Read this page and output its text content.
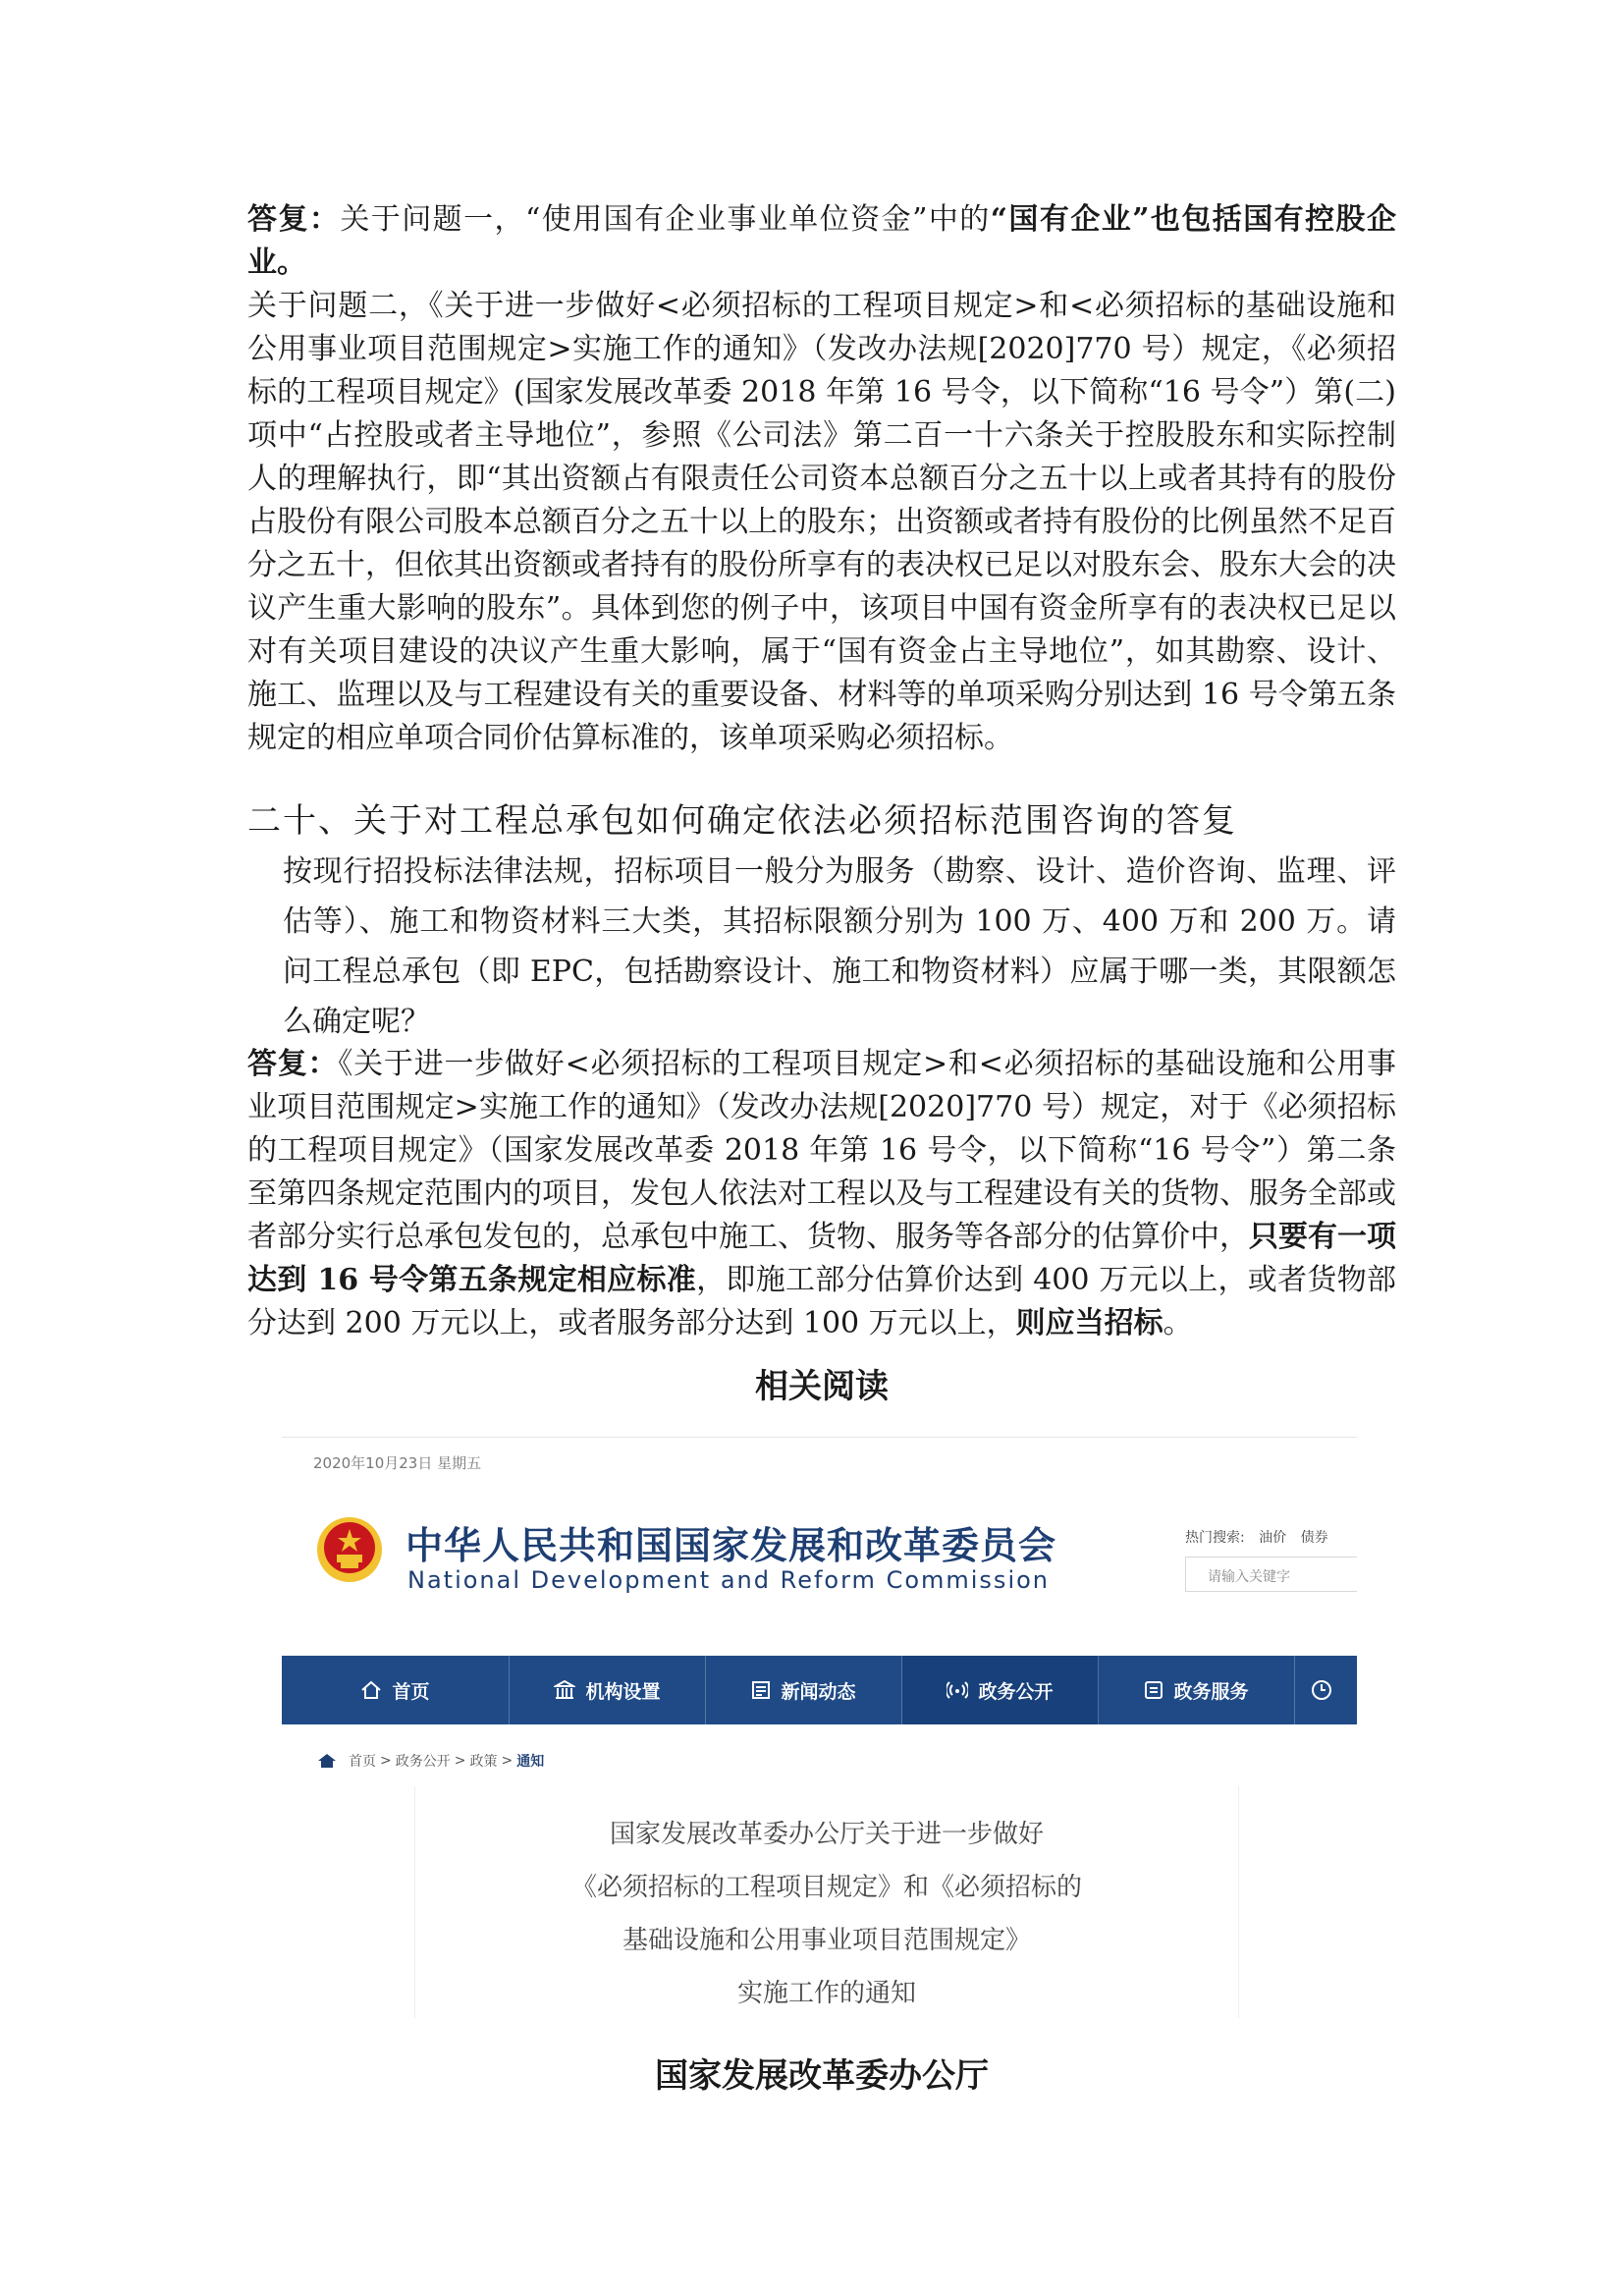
答复：关于问题一，“使用国有企业事业单位资金”中的“国有企业”也包括国有控股企业。

关于问题二，《关于进一步做好<必须招标的工程项目规定>和<必须招标的基础设施和公用事业项目范围规定>实施工作的通知》（发改办法规[2020]770 号）规定，《必须招标的工程项目规定》(国家发展改革委 2018 年第 16 号令，以下简称“16 号令”）第(二)项中“占控股或者主导地位”，参照《公司法》第二百一十六条关于控股股东和实际控制人的理解执行，即“其出资额占有限责任公司资本总额百分之五十以上或者其持有的股份占股份有限公司股本总额百分之五十以上的股东；出资额或者持有股份的比例虽然不足百分之五十，但依其出资额或者持有的股份所享有的表决权已足以对股东会、股东大会的决议产生重大影响的股东”。具体到您的例子中，该项目中国有资金所享有的表决权已足以对有关项目建设的决议产生重大影响，属于“国有资金占主导地位”，如其勘察、设计、施工、监理以及与工程建设有关的重要设备、材料等的单项采购分别达到 16 号令第五条规定的相应单项合同价估算标准的，该单项采购必须招标。

二十、关于对工程总承包如何确定依法必须招标范围咨询的答复

按现行招投标法律法规，招标项目一般分为服务（勘察、设计、造价咨询、监理、评估等）、施工和物资材料三大类，其招标限额分别为 100 万、400 万和 200 万。请问工程总承包（即 EPC，包括勘察设计、施工和物资材料）应属于哪一类，其限额怎么确定呢？

答复：《关于进一步做好<必须招标的工程项目规定>和<必须招标的基础设施和公用事业项目范围规定>实施工作的通知》（发改办法规[2020]770 号）规定，对于《必须招标的工程项目规定》（国家发展改革委 2018 年第 16 号令，以下简称“16 号令”）第二条至第四条规定范围内的项目，发包人依法对工程以及与工程建设有关的货物、服务全部或者部分实行总承包发包的，总承包中施工、货物、服务等各部分的估算价中，只要有一项达到 16 号令第五条规定相应标准，即施工部分估算价达到 400 万元以上，或者货物部分达到 200 万元以上，或者服务部分达到 100 万元以上，则应当招标。

相关阅读
国家发展改革委办公厅
2020年10月23日 星期五
中华人民共和国国家发展和改革委员会
National Development and Reform Commission
热门搜索: 油价 债券
请输入关键字
首页	机构设置	新闻动态	政务公开	政务服务
首页 > 政务公开 > 政策 > 通知
国家发展改革委办公厅关于进一步做好
《必须招标的工程项目规定》和《必须招标的
基础设施和公用事业项目范围规定》
实施工作的通知
